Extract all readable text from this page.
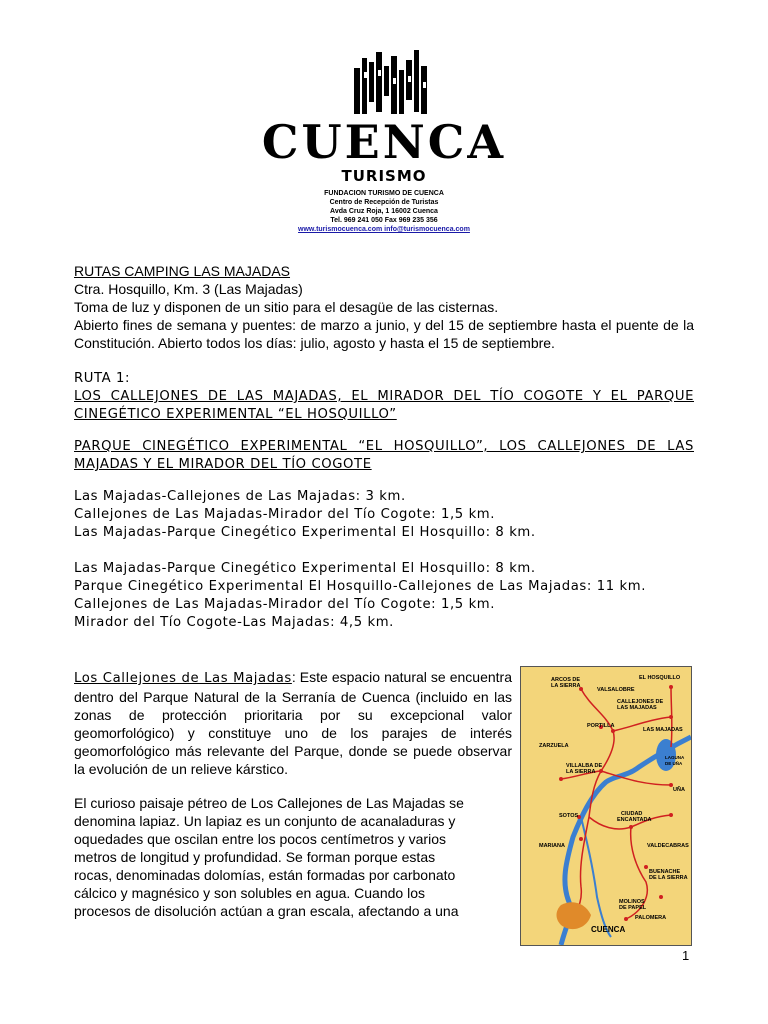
CUENCA
TURISMO
FUNDACION TURISMO DE CUENCA
Centro de Recepción de Turistas
Avda Cruz Roja, 1 16002 Cuenca
Tel. 969 241 050 Fax 969 235 356
www.turismocuenca.com info@turismocuenca.com

RUTAS CAMPING LAS MAJADAS

Ctra. Hosquillo, Km. 3 (Las Majadas)

Toma de luz y disponen de un sitio para el desagüe de las cisternas.

Abierto fines de semana y puentes: de marzo a junio, y del 15 de septiembre hasta el puente de la Constitución. Abierto todos los días: julio, agosto y hasta el 15 de septiembre.

RUTA 1:

LOS CALLEJONES DE LAS MAJADAS, EL MIRADOR DEL TÍO COGOTE Y EL PARQUE CINEGÉTICO EXPERIMENTAL “EL HOSQUILLO”

PARQUE CINEGÉTICO EXPERIMENTAL “EL HOSQUILLO”, LOS CALLEJONES DE LAS MAJADAS Y EL MIRADOR DEL TÍO COGOTE

Las Majadas-Callejones de Las Majadas: 3 km.

Callejones de Las Majadas-Mirador del Tío Cogote: 1,5 km.

Las Majadas-Parque Cinegético Experimental El Hosquillo: 8 km.

Las Majadas-Parque Cinegético Experimental El Hosquillo: 8 km.

Parque Cinegético Experimental El Hosquillo-Callejones de Las Majadas: 11 km.

Callejones de Las Majadas-Mirador del Tío Cogote: 1,5 km.

Mirador del Tío Cogote-Las Majadas: 4,5 km.

Los Callejones de Las Majadas: Este espacio natural se encuentra dentro del Parque Natural de la Serranía de Cuenca (incluido en las zonas de protección prioritaria por su excepcional valor geomorfológico) y constituye uno de los parajes de interés geomorfológico más relevante del Parque, donde se puede observar la evolución de un relieve kárstico.

El curioso paisaje pétreo de Los Callejones de Las Majadas se

denomina lapiaz. Un lapiaz es un conjunto de acanaladuras y

oquedades que oscilan entre los pocos centímetros y varios

metros de longitud y profundidad. Se forman porque estas

rocas, denominadas dolomías, están formadas por carbonato

cálcico y magnésico y son solubles en agua. Cuando los

procesos de disolución actúan a gran escala, afectando a una

ARCOS DE
LA SIERRA
EL HOSQUILLO
VALSALOBRE
CALLEJONES DE
LAS MAJADAS
PORTILLA
LAS MAJADAS
ZARZUELA
LAGUNA
DE UÑA
VILLALBA DE
LA SIERRA
UÑA
SOTOS	CIUDAD
ENCANTADA
MARIANA	VALDECABRAS
BUENACHE
DE LA SIERRA
MOLINOS
DE PAPEL
PALOMERA
CUENCA
1
